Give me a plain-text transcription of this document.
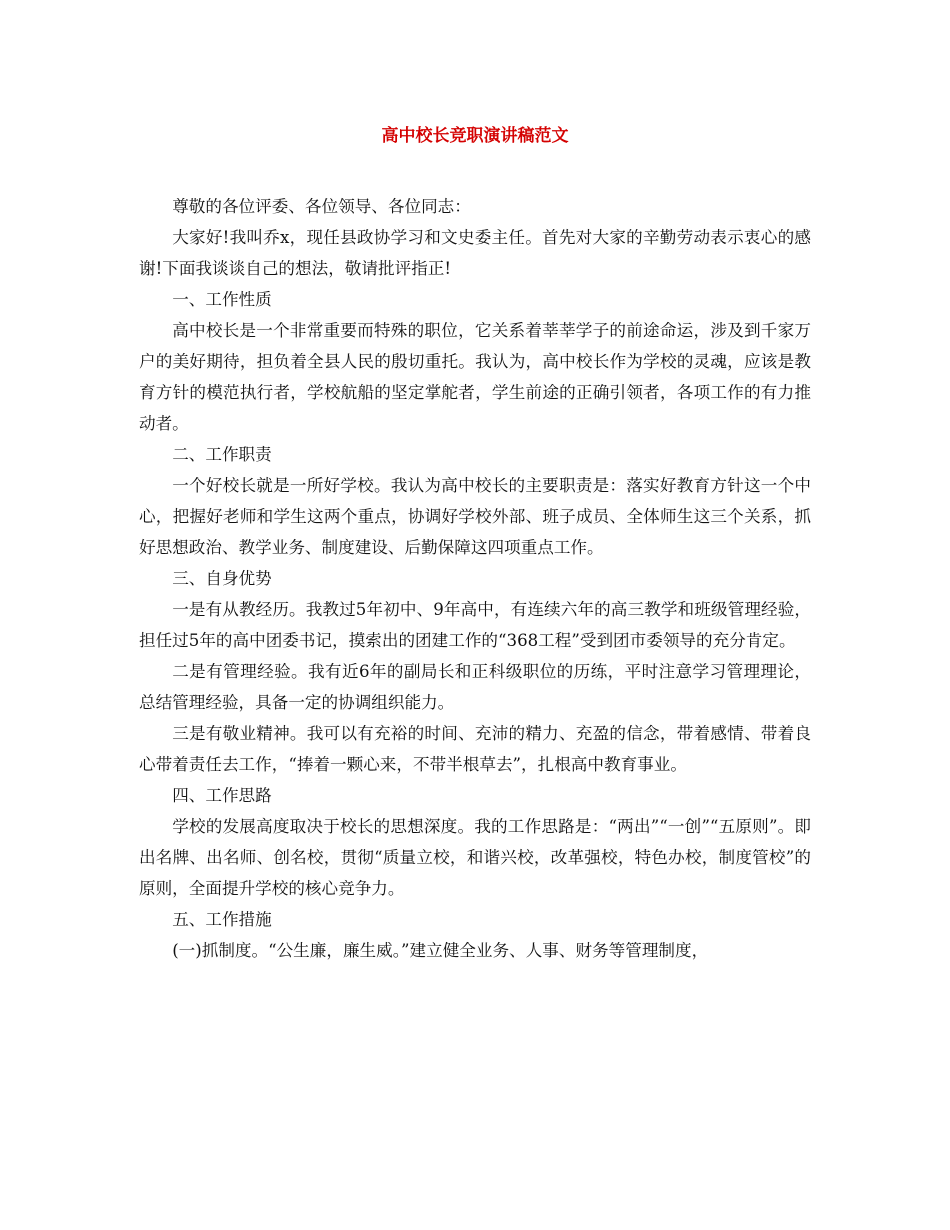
高中校长竞职演讲稿范文

尊敬的各位评委、各位领导、各位同志：

大家好!我叫乔x，现任县政协学习和文史委主任。首先对大家的辛勤劳动表示衷心的感谢!下面我谈谈自己的想法，敬请批评指正!

一、工作性质

高中校长是一个非常重要而特殊的职位，它关系着莘莘学子的前途命运，涉及到千家万户的美好期待，担负着全县人民的殷切重托。我认为，高中校长作为学校的灵魂，应该是教育方针的模范执行者，学校航船的坚定掌舵者，学生前途的正确引领者，各项工作的有力推动者。

二、工作职责

一个好校长就是一所好学校。我认为高中校长的主要职责是：落实好教育方针这一个中心，把握好老师和学生这两个重点，协调好学校外部、班子成员、全体师生这三个关系，抓好思想政治、教学业务、制度建设、后勤保障这四项重点工作。

三、自身优势

一是有从教经历。我教过5年初中、9年高中，有连续六年的高三教学和班级管理经验，担任过5年的高中团委书记，摸索出的团建工作的“368工程”受到团市委领导的充分肯定。

二是有管理经验。我有近6年的副局长和正科级职位的历练，平时注意学习管理理论，总结管理经验，具备一定的协调组织能力。

三是有敬业精神。我可以有充裕的时间、充沛的精力、充盈的信念，带着感情、带着良心带着责任去工作，“捧着一颗心来，不带半根草去”，扎根高中教育事业。

四、工作思路

学校的发展高度取决于校长的思想深度。我的工作思路是：“两出”“一创”“五原则”。即出名牌、出名师、创名校，贯彻“质量立校，和谐兴校，改革强校，特色办校，制度管校”的原则，全面提升学校的核心竞争力。

五、工作措施

(一)抓制度。“公生廉，廉生威。”建立健全业务、人事、财务等管理制度，
